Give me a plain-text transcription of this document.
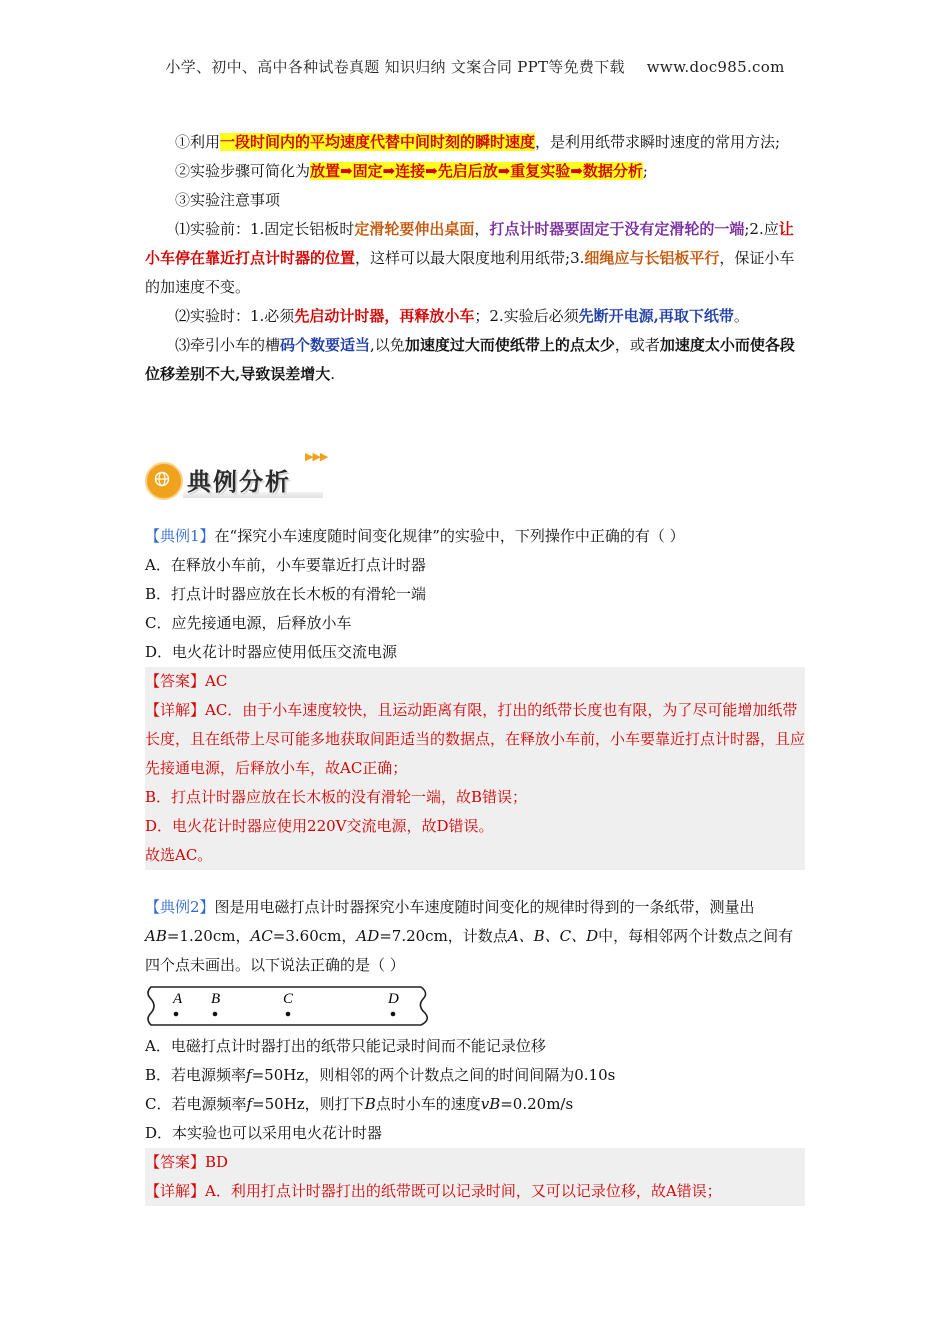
小学、初中、高中各种试卷真题 知识归纳 文案合同 PPT等免费下载 www.doc985.com

①利用一段时间内的平均速度代替中间时刻的瞬时速度，是利用纸带求瞬时速度的常用方法;

②实验步骤可简化为放置➡固定➡连接➡先启后放➡重复实验➡数据分析;

③实验注意事项

⑴实验前：1.固定长铝板时定滑轮要伸出桌面，打点计时器要固定于没有定滑轮的一端;2.应让小车停在靠近打点计时器的位置，这样可以最大限度地利用纸带;3.细绳应与长铝板平行，保证小车的加速度不变。

⑵实验时：1.必须先启动计时器，再释放小车；2.实验后必须先断开电源,再取下纸带。

⑶牵引小车的槽码个数要适当,以免加速度过大而使纸带上的点太少，或者加速度太小而使各段位移差别不大,导致误差增大.

典例分析
▶▶▶

【典例1】在“探究小车速度随时间变化规律”的实验中，下列操作中正确的有（ ）

A．在释放小车前，小车要靠近打点计时器

B．打点计时器应放在长木板的有滑轮一端

C．应先接通电源，后释放小车

D．电火花计时器应使用低压交流电源

【答案】AC

【详解】AC．由于小车速度较快，且运动距离有限，打出的纸带长度也有限，为了尽可能增加纸带长度，且在纸带上尽可能多地获取间距适当的数据点，在释放小车前，小车要靠近打点计时器，且应先接通电源，后释放小车，故AC正确；

B．打点计时器应放在长木板的没有滑轮一端，故B错误；

D．电火花计时器应使用220V交流电源，故D错误。

故选AC。

【典例2】图是用电磁打点计时器探究小车速度随时间变化的规律时得到的一条纸带，测量出AB=1.20cm，AC=3.60cm，AD=7.20cm，计数点A、B、C、D中，每相邻两个计数点之间有四个点未画出。以下说法正确的是（ ）

A B	C	D

A．电磁打点计时器打出的纸带只能记录时间而不能记录位移

B．若电源频率f=50Hz，则相邻的两个计数点之间的时间间隔为0.10s

C．若电源频率f=50Hz，则打下B点时小车的速度vB=0.20m/s

D．本实验也可以采用电火花计时器

【答案】BD

【详解】A．利用打点计时器打出的纸带既可以记录时间，又可以记录位移，故A错误；
